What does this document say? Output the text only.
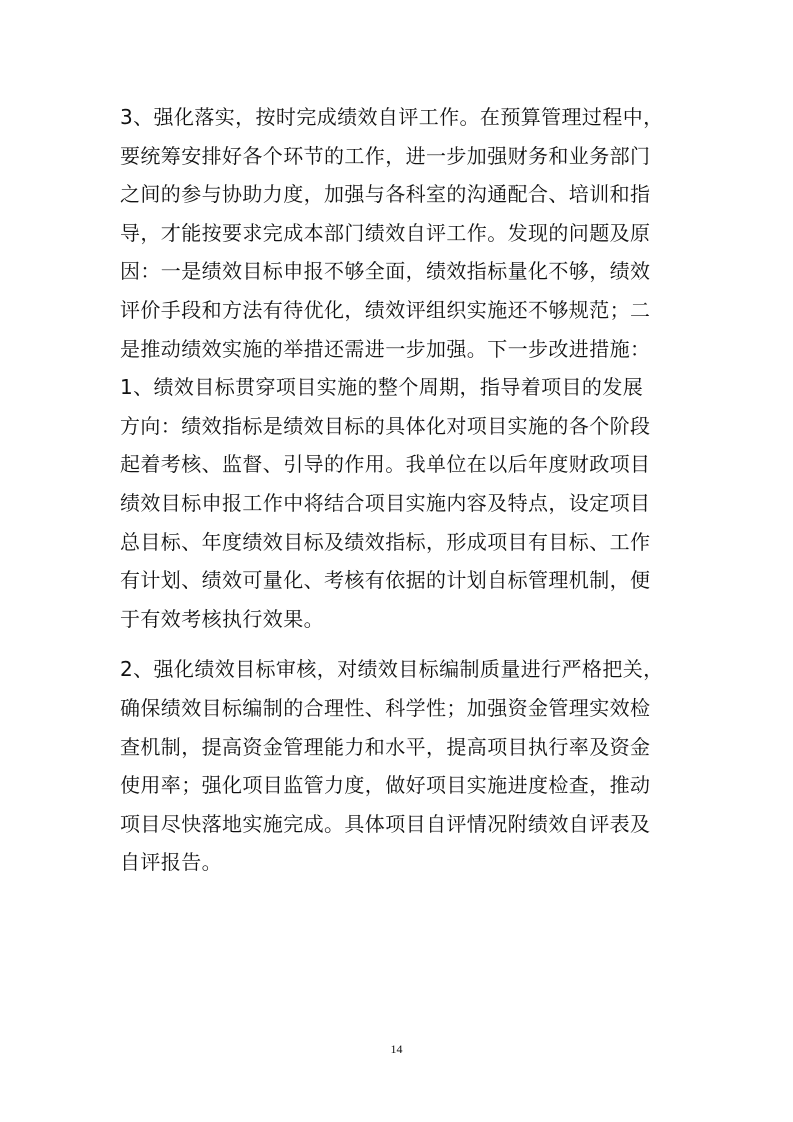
3、强化落实，按时完成绩效自评工作。在预算管理过程中，
要统筹安排好各个环节的工作，进一步加强财务和业务部门
之间的参与协助力度，加强与各科室的沟通配合、培训和指
导，才能按要求完成本部门绩效自评工作。发现的问题及原
因：一是绩效目标申报不够全面，绩效指标量化不够，绩效
评价手段和方法有待优化，绩效评组织实施还不够规范；二
是推动绩效实施的举措还需进一步加强。下一步改进措施：
1、绩效目标贯穿项目实施的整个周期，指导着项目的发展
方向：绩效指标是绩效目标的具体化对项目实施的各个阶段
起着考核、监督、引导的作用。我单位在以后年度财政项目
绩效目标申报工作中将结合项目实施内容及特点，设定项目
总目标、年度绩效目标及绩效指标，形成项目有目标、工作
有计划、绩效可量化、考核有依据的计划自标管理机制，便
于有效考核执行效果。
2、强化绩效目标审核，对绩效目标编制质量进行严格把关，
确保绩效目标编制的合理性、科学性；加强资金管理实效检
查机制，提高资金管理能力和水平，提高项目执行率及资金
使用率；强化项目监管力度，做好项目实施进度检查，推动
项目尽快落地实施完成。具体项目自评情况附绩效自评表及
自评报告。
14
